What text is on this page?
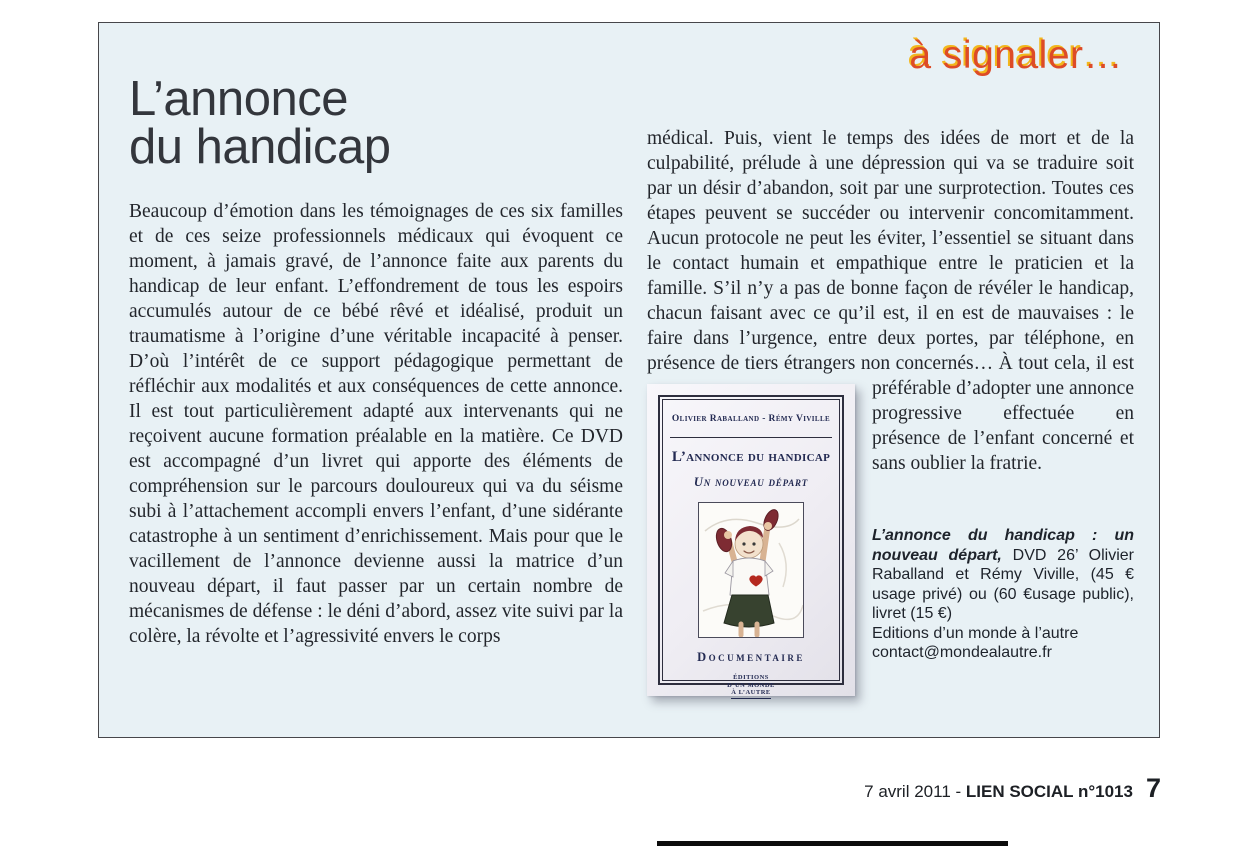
à signaler…
L’annonce
du handicap

Beaucoup d’émotion dans les témoignages de ces six familles et de ces seize professionnels médicaux qui évoquent ce moment, à jamais gravé, de l’annonce faite aux parents du handicap de leur enfant. L’effondrement de tous les espoirs accumulés autour de ce bébé rêvé et idéalisé, produit un traumatisme à l’origine d’une véritable incapacité à penser. D’où l’intérêt de ce support pédagogique permettant de réfléchir aux modalités et aux conséquences de cette annonce. Il est tout particulièrement adapté aux intervenants qui ne reçoivent aucune formation préalable en la matière. Ce DVD est accompagné d’un livret qui apporte des éléments de compréhension sur le parcours douloureux qui va du séisme subi à l’attachement accompli envers l’enfant, d’une sidérante catastrophe à un sentiment d’enrichissement. Mais pour que le vacillement de l’annonce devienne aussi la matrice d’un nouveau départ, il faut passer par un certain nombre de mécanismes de défense : le déni d’abord, assez vite suivi par la colère, la révolte et l’agressivité envers le corps

médical. Puis, vient le temps des idées de mort et de la culpabilité, prélude à une dépression qui va se traduire soit par un désir d’abandon, soit par une surprotection. Toutes ces étapes peuvent se succéder ou intervenir concomitamment. Aucun protocole ne peut les éviter, l’essentiel se situant dans le contact humain et empathique entre le praticien et la famille. S’il n’y a pas de bonne façon de révéler le handicap, chacun faisant avec ce qu’il est, il en est de mauvaises : le faire dans l’urgence, entre deux portes, par téléphone, en présence de tiers étrangers non concernés… À tout
Olivier Raballand - Rémy Viville
L’annonce du handicap
Un nouveau départ
Documentaire
ÉDITIONS
D’UN MONDE
À L’AUTRE
cela, il est préférable d’adopter une annonce progressive effectuée en présence de l’enfant concerné et sans oublier la fratrie.

L’annonce du handicap : un nouveau départ, DVD 26’ Olivier Raballand et Rémy Viville, (45 € usage privé) ou (60 €usage public), livret (15 €)
Editions d’un monde à l’autre
contact@mondealautre.fr
7 avril 2011 - LIEN SOCIAL n°1013 7
